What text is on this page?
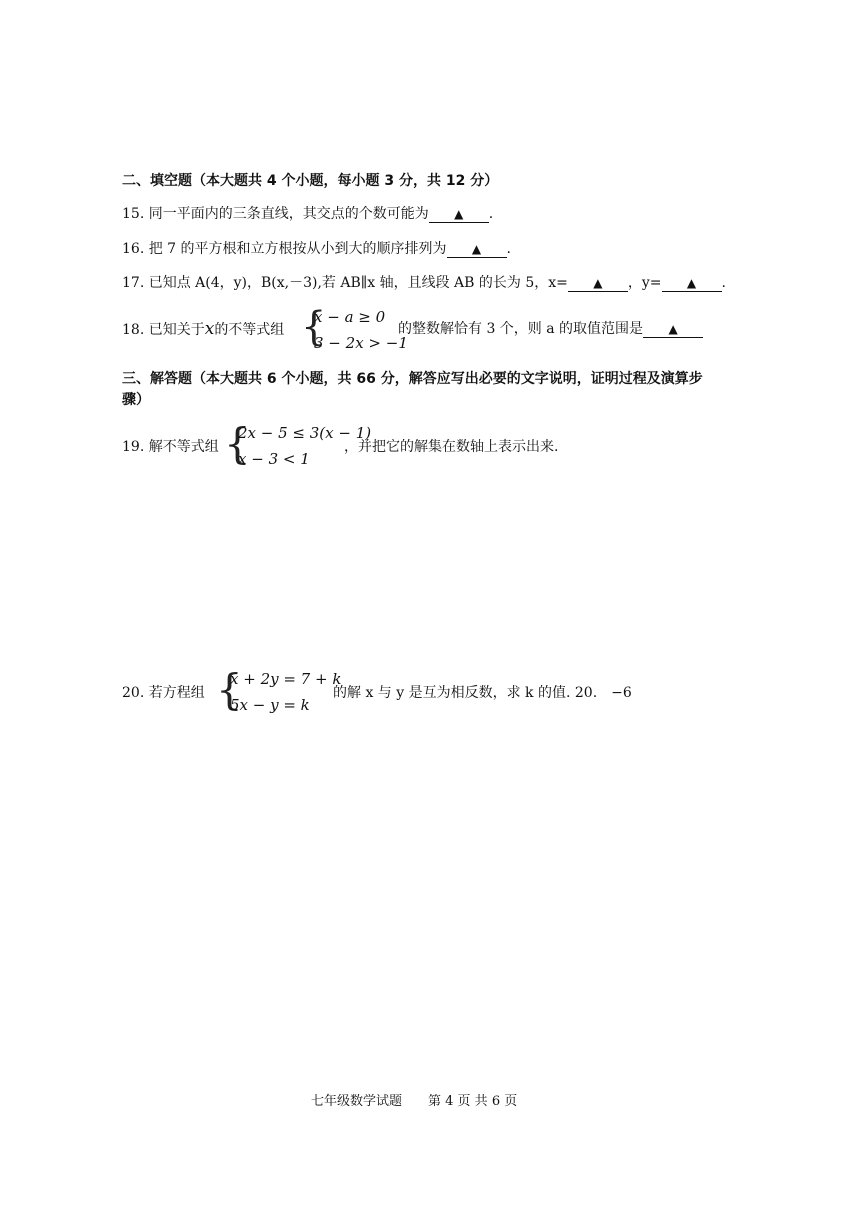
二、填空题（本大题共 4 个小题，每小题 3 分，共 12 分）
15. 同一平面内的三条直线，其交点的个数可能为 ▲ .
16. 把 7 的平方根和立方根按从小到大的顺序排列为 ▲ .
17. 已知点 A(4，y)，B(x,－3),若 AB∥x 轴，且线段 AB 的长为 5，x= ▲ ，y= ▲ .
18. 已知关于x的不等式组 {
x − a ≥ 0
3 − 2x > −1
的整数解恰有 3 个，则 a 的取值范围是 ▲
三、解答题（本大题共 6 个小题，共 66 分，解答应写出必要的文字说明，证明过程及演算步
骤）
19. 解不等式组 {
2x − 5 ≤ 3(x − 1)
x − 3 < 1
，并把它的解集在数轴上表示出来.
20. 若方程组 {
x + 2y = 7 + k
5x − y = k
的解 x 与 y 是互为相反数，求 k 的值. 20.　−6
七年级数学试题 第 4 页 共 6 页
